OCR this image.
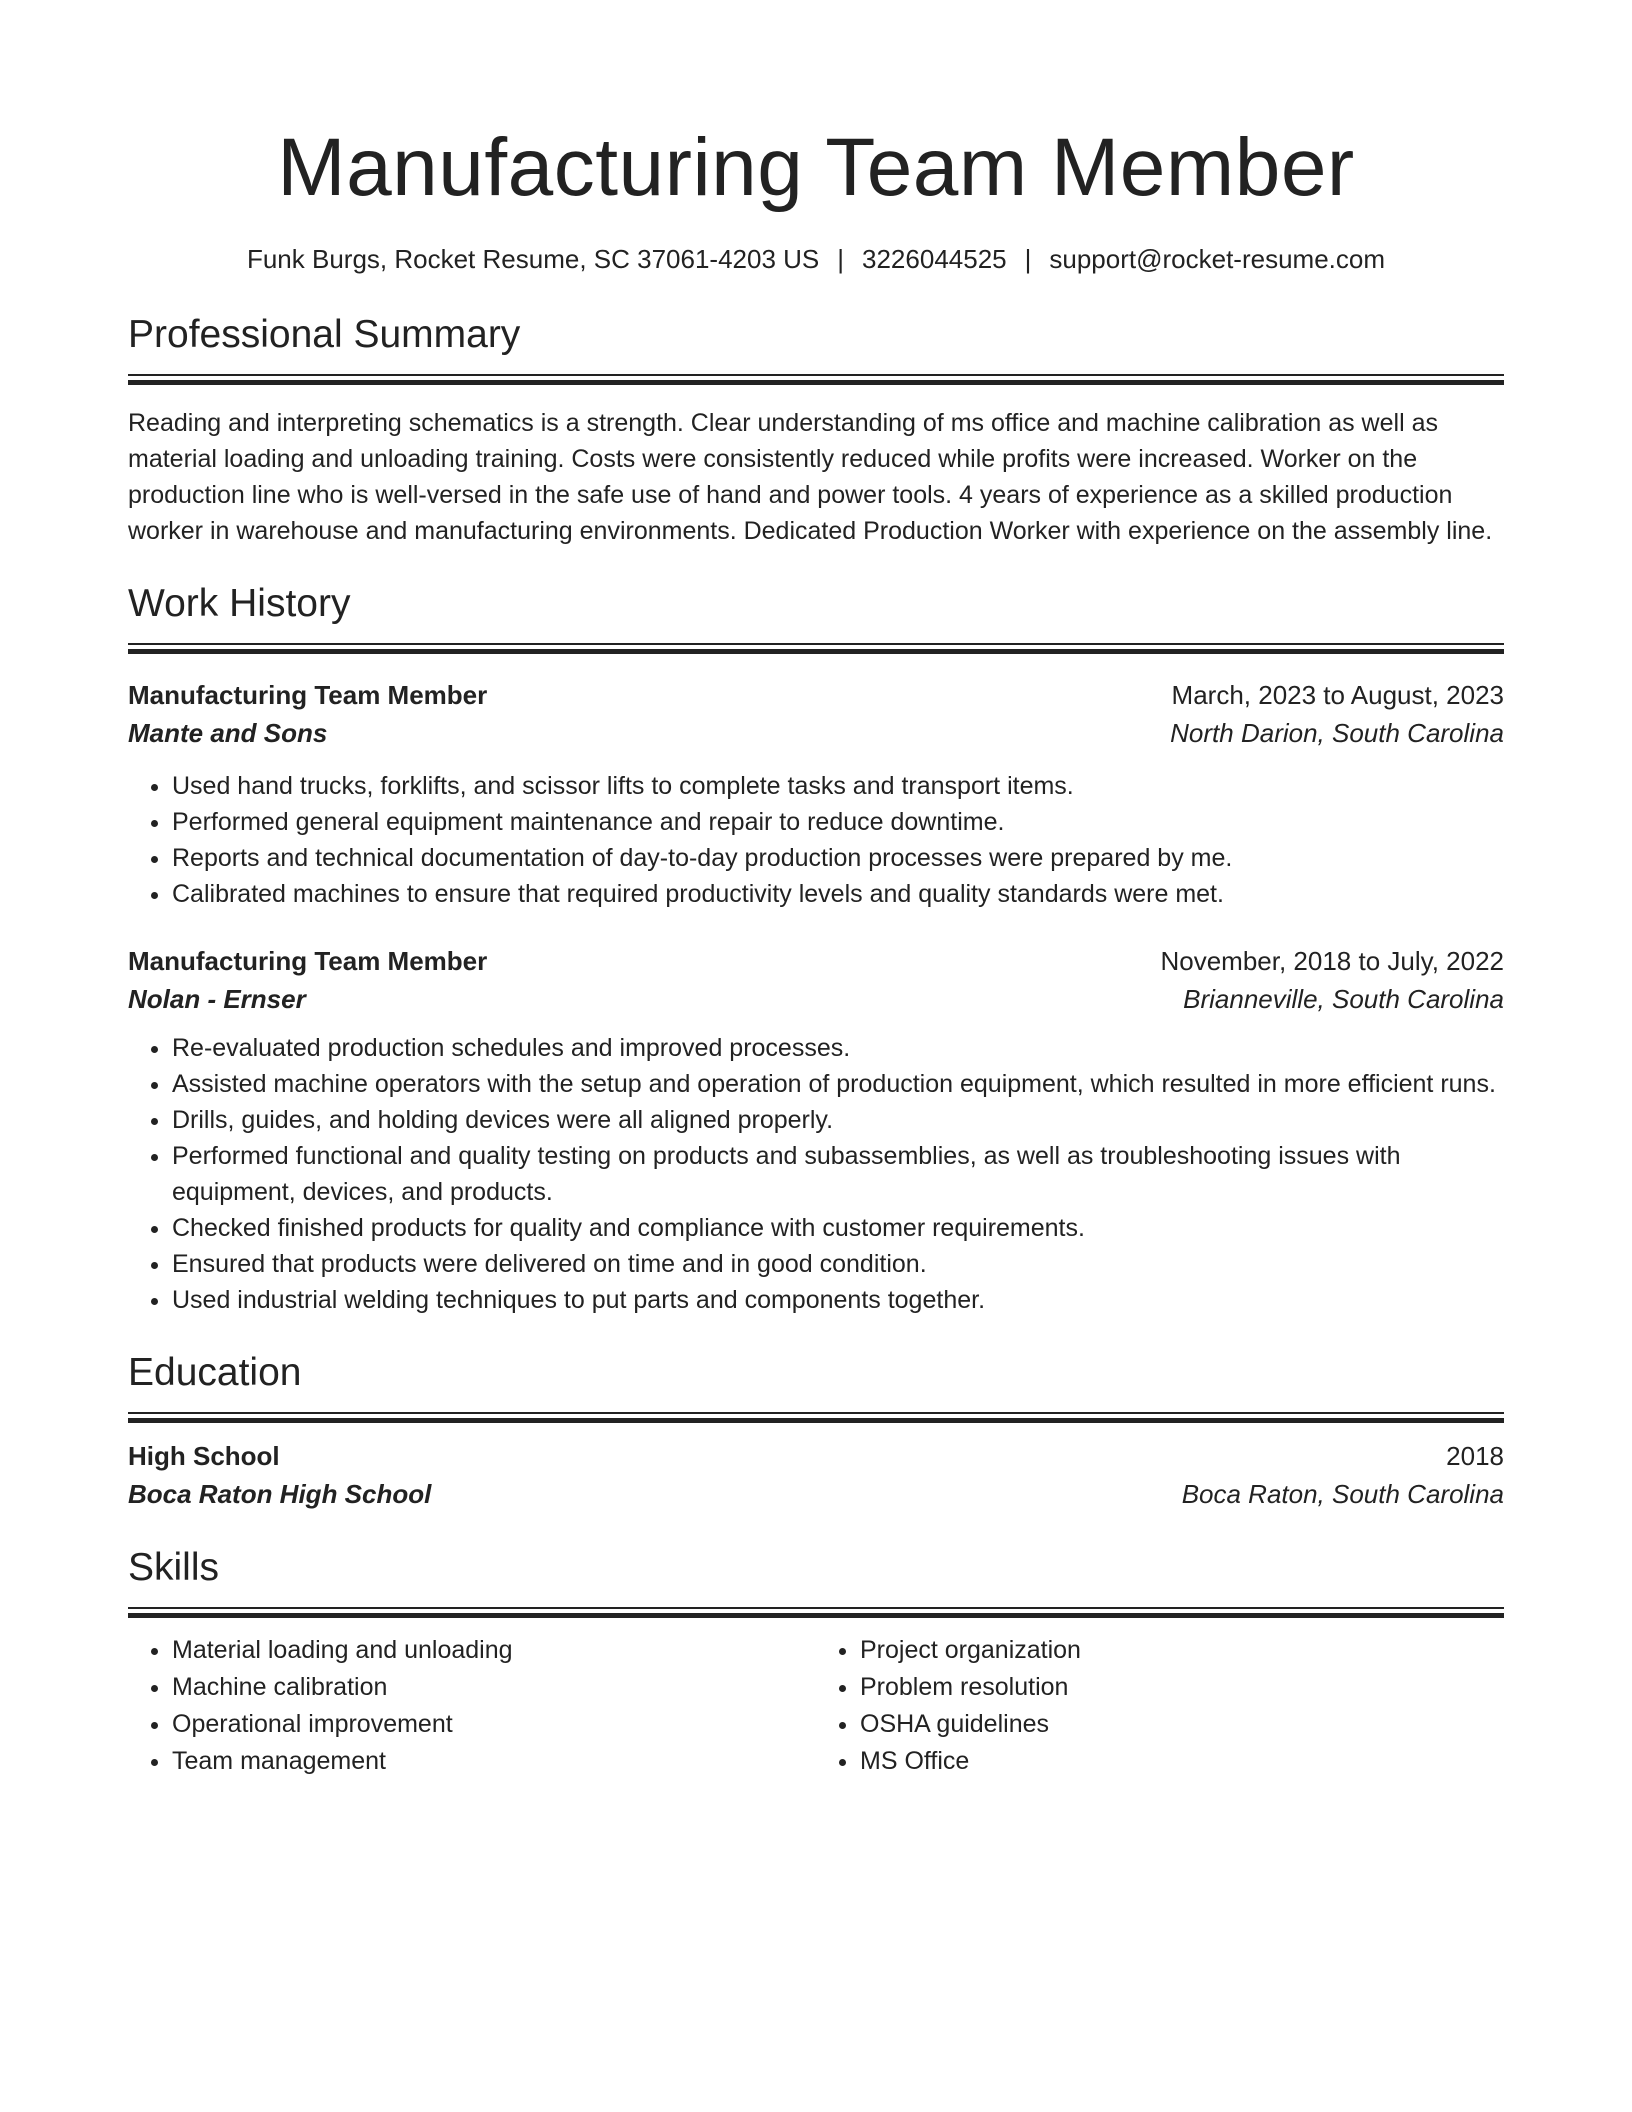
Manufacturing Team Member
Funk Burgs, Rocket Resume, SC 37061-4203 US | 3226044525 | support@rocket-resume.com
Professional Summary
Reading and interpreting schematics is a strength. Clear understanding of ms office and machine calibration as well as material loading and unloading training. Costs were consistently reduced while profits were increased. Worker on the production line who is well-versed in the safe use of hand and power tools. 4 years of experience as a skilled production worker in warehouse and manufacturing environments. Dedicated Production Worker with experience on the assembly line.
Work History
Manufacturing Team Member	March, 2023 to August, 2023
Mante and Sons	North Darion, South Carolina
• Used hand trucks, forklifts, and scissor lifts to complete tasks and transport items.
• Performed general equipment maintenance and repair to reduce downtime.
• Reports and technical documentation of day-to-day production processes were prepared by me.
• Calibrated machines to ensure that required productivity levels and quality standards were met.
Manufacturing Team Member	November, 2018 to July, 2022
Nolan - Ernser	Brianneville, South Carolina
• Re-evaluated production schedules and improved processes.
• Assisted machine operators with the setup and operation of production equipment, which resulted in more efficient runs.
• Drills, guides, and holding devices were all aligned properly.
• Performed functional and quality testing on products and subassemblies, as well as troubleshooting issues with equipment, devices, and products.
• Checked finished products for quality and compliance with customer requirements.
• Ensured that products were delivered on time and in good condition.
• Used industrial welding techniques to put parts and components together.
Education
High School	2018
Boca Raton High School	Boca Raton, South Carolina
Skills
• Material loading and unloading
• Machine calibration
• Operational improvement
• Team management
• Project organization
• Problem resolution
• OSHA guidelines
• MS Office
